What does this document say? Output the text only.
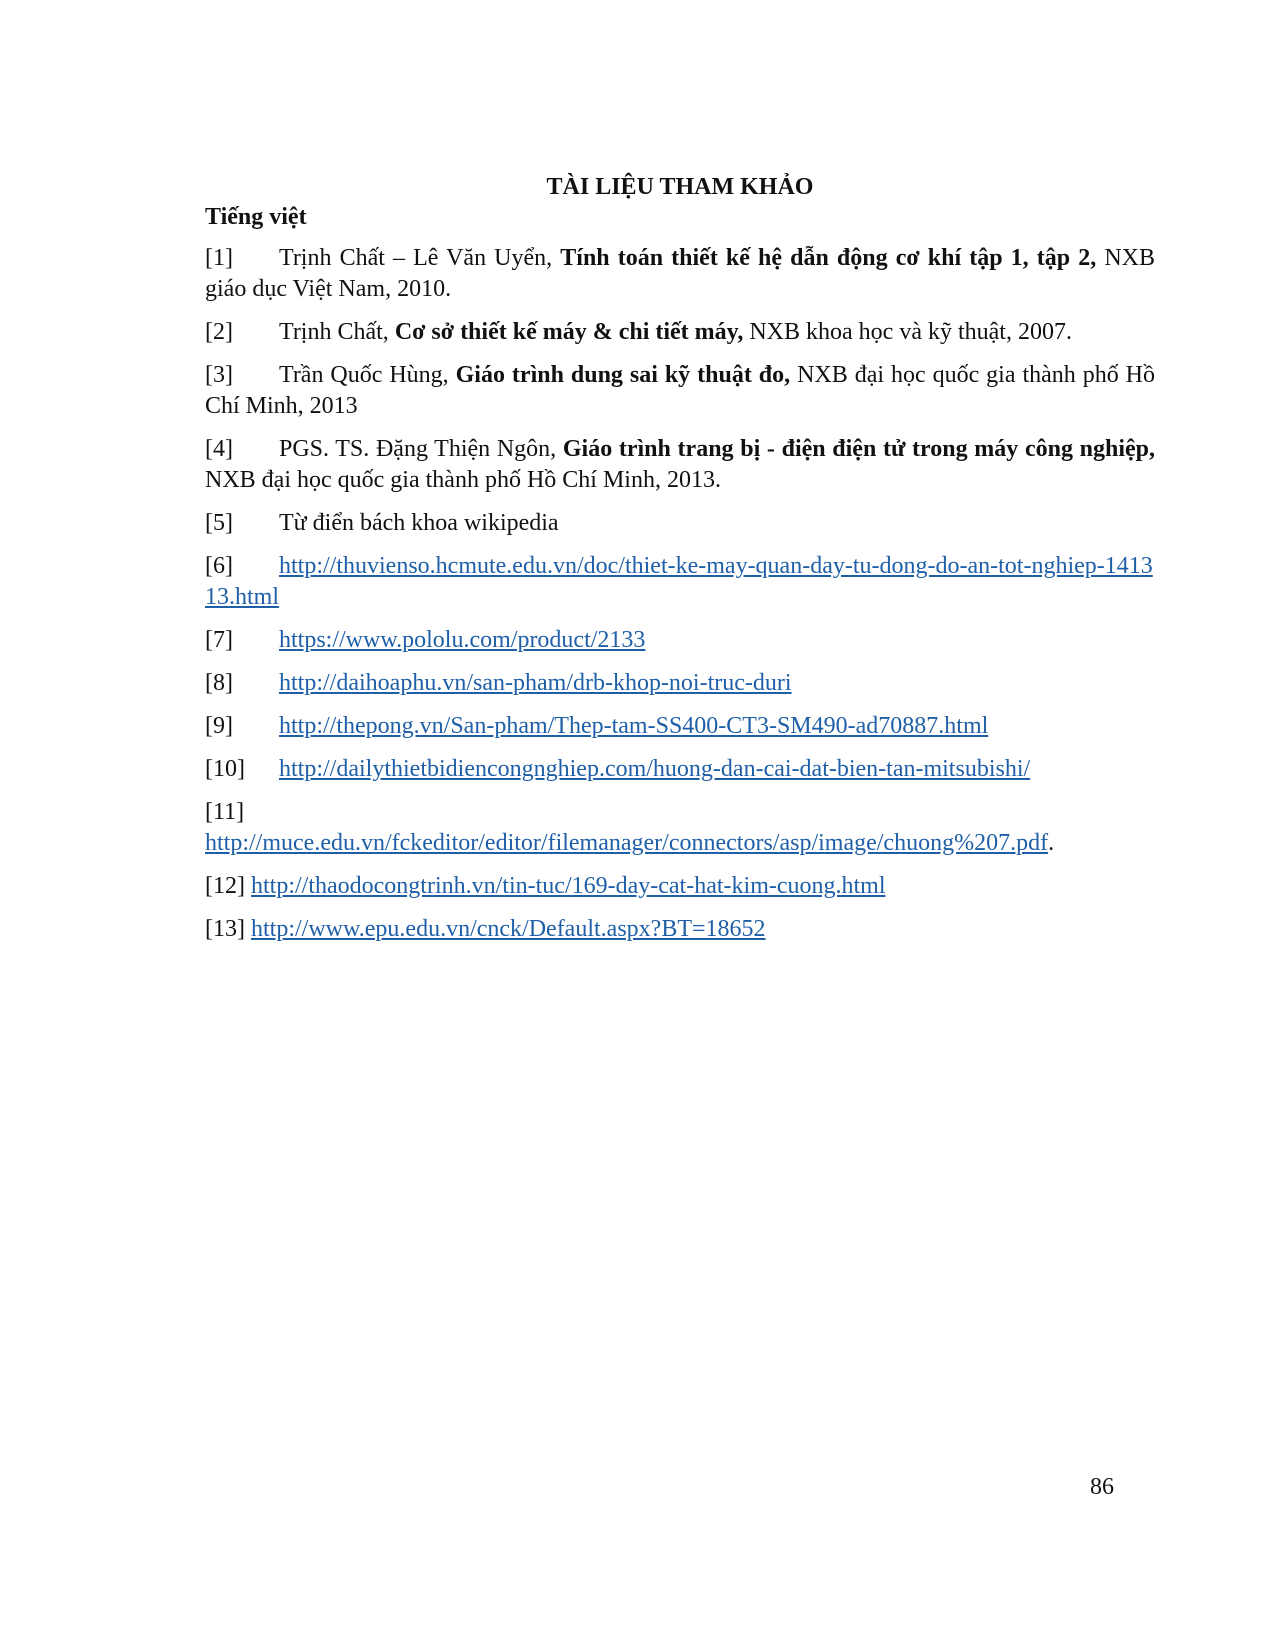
TÀI LIỆU THAM KHẢO
Tiếng việt

[1] Trịnh Chất – Lê Văn Uyển, Tính toán thiết kế hệ dẫn động cơ khí tập 1, tập 2, NXB giáo dục Việt Nam, 2010.

[2] Trịnh Chất, Cơ sở thiết kế máy & chi tiết máy, NXB khoa học và kỹ thuật, 2007.

[3] Trần Quốc Hùng, Giáo trình dung sai kỹ thuật đo, NXB đại học quốc gia thành phố Hồ Chí Minh, 2013

[4] PGS. TS. Đặng Thiện Ngôn, Giáo trình trang bị - điện điện tử trong máy công nghiệp, NXB đại học quốc gia thành phố Hồ Chí Minh, 2013.

[5] Từ điển bách khoa wikipedia

[6] http://thuvienso.hcmute.edu.vn/doc/thiet-ke-may-quan-day-tu-dong-do-an-tot-nghiep-141313.html

[7] https://www.pololu.com/product/2133

[8] http://daihoaphu.vn/san-pham/drb-khop-noi-truc-duri

[9] http://thepong.vn/San-pham/Thep-tam-SS400-CT3-SM490-ad70887.html

[10] http://dailythietbidiencongnghiep.com/huong-dan-cai-dat-bien-tan-mitsubishi/

[11]
http://muce.edu.vn/fckeditor/editor/filemanager/connectors/asp/image/chuong%207.pdf.

[12] http://thaodocongtrinh.vn/tin-tuc/169-day-cat-hat-kim-cuong.html

[13] http://www.epu.edu.vn/cnck/Default.aspx?BT=18652

86
